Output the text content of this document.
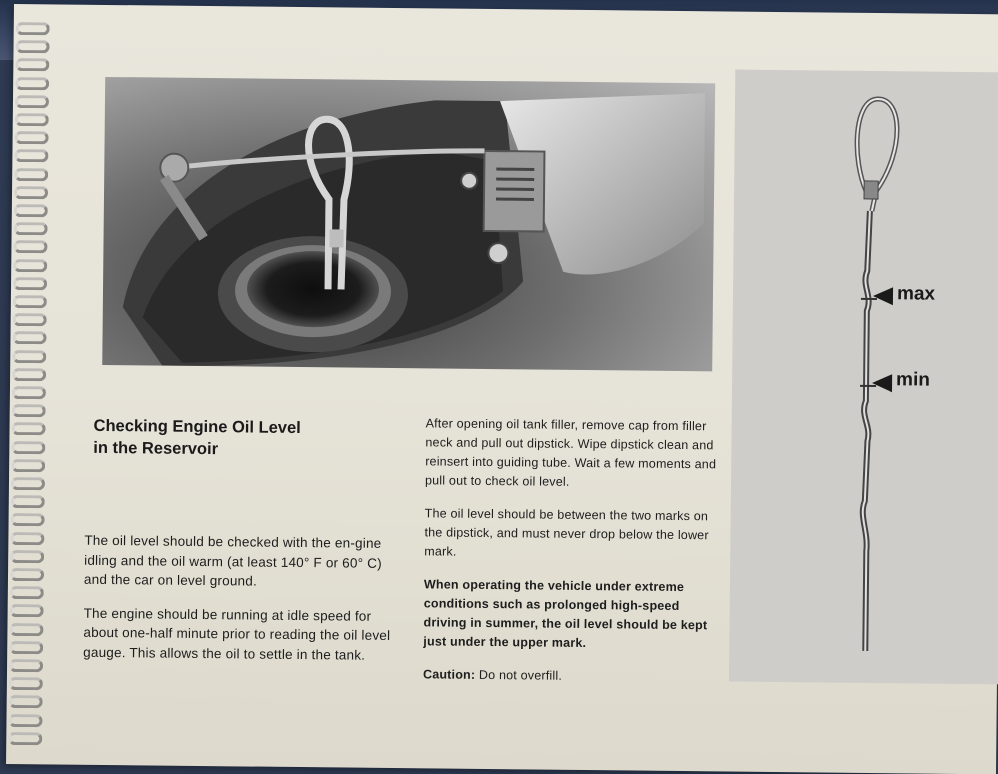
max
min
Checking Engine Oil Level
in the Reservoir

The oil level should be checked with the en-gine idling and the oil warm (at least 140° F or 60° C) and the car on level ground.

The engine should be running at idle speed for about one-half minute prior to reading the oil level gauge. This allows the oil to settle in the tank.

After opening oil tank filler, remove cap from filler neck and pull out dipstick. Wipe dipstick clean and reinsert into guiding tube. Wait a few moments and pull out to check oil level.

The oil level should be between the two marks on the dipstick, and must never drop below the lower mark.

When operating the vehicle under extreme conditions such as prolonged high-speed driving in summer, the oil level should be kept just under the upper mark.

Caution: Do not overfill.
